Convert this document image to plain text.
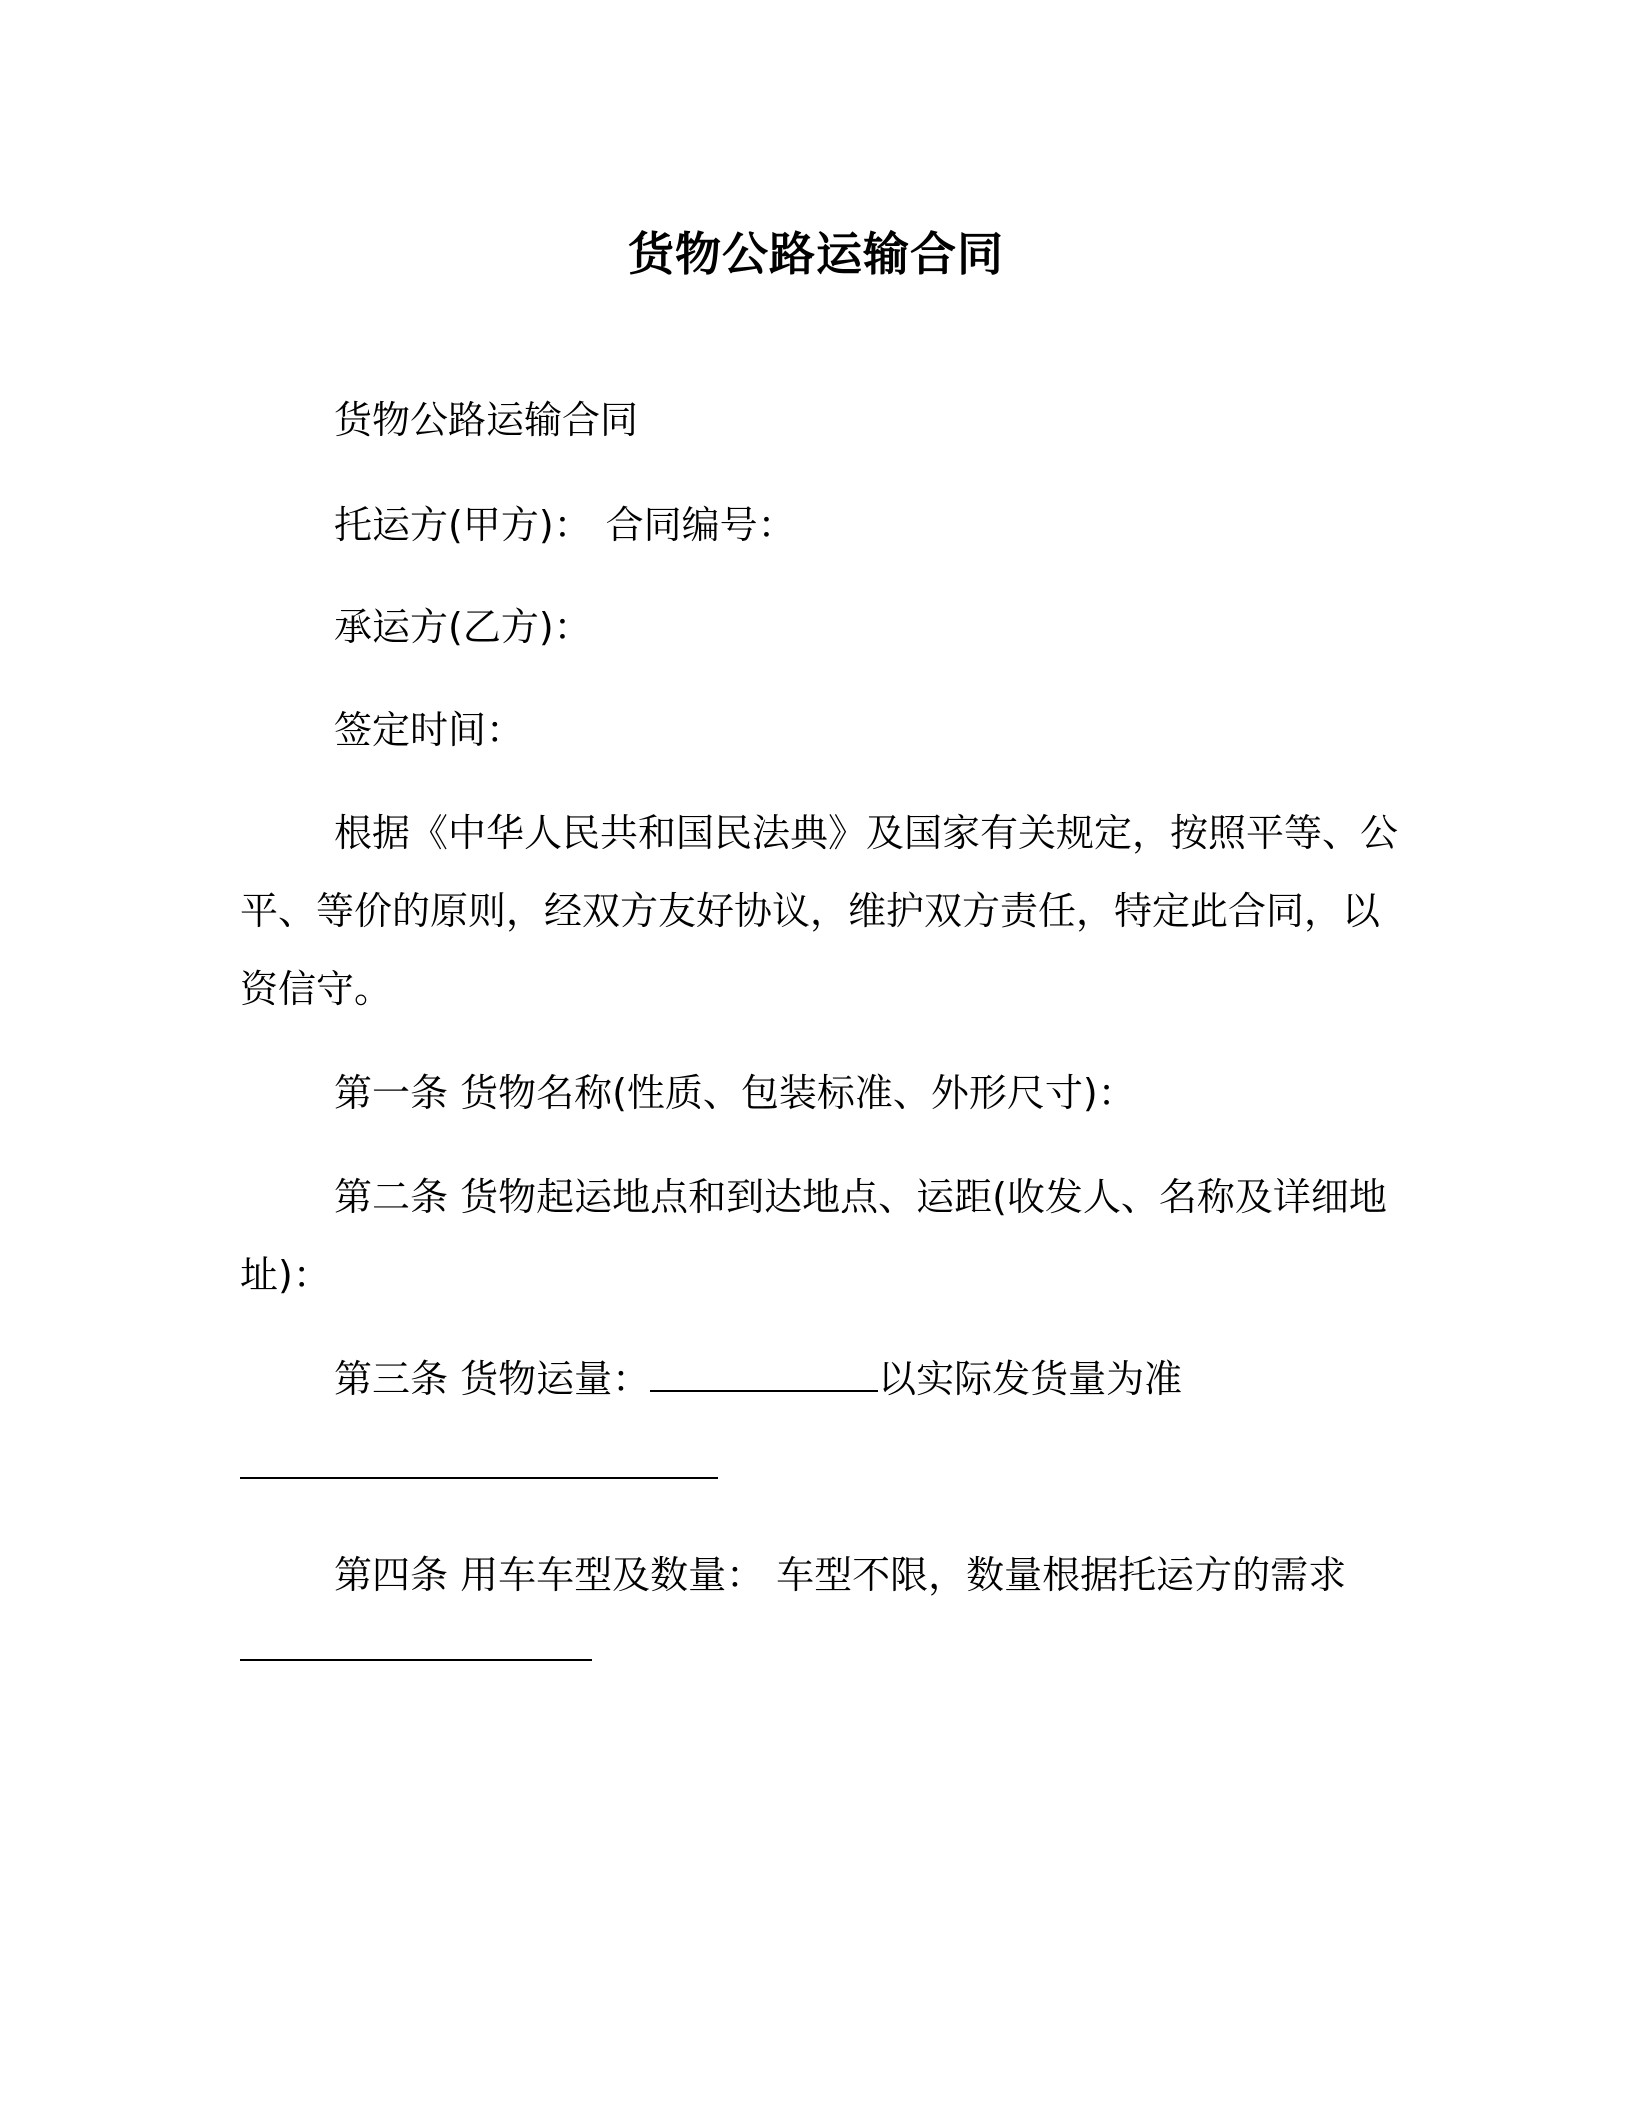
货物公路运输合同
货物公路运输合同
托运方(甲方)： 合同编号：
承运方(乙方)：
签定时间：
根据《中华人民共和国民法典》及国家有关规定，按照平等、公
平、等价的原则，经双方友好协议，维护双方责任，特定此合同，以
资信守。
第一条 货物名称(性质、包装标准、外形尺寸)：
第二条 货物起运地点和到达地点、运距(收发人、名称及详细地
址)：
第三条 货物运量：	以实际发货量为准
第四条 用车车型及数量： 车型不限，数量根据托运方的需求
